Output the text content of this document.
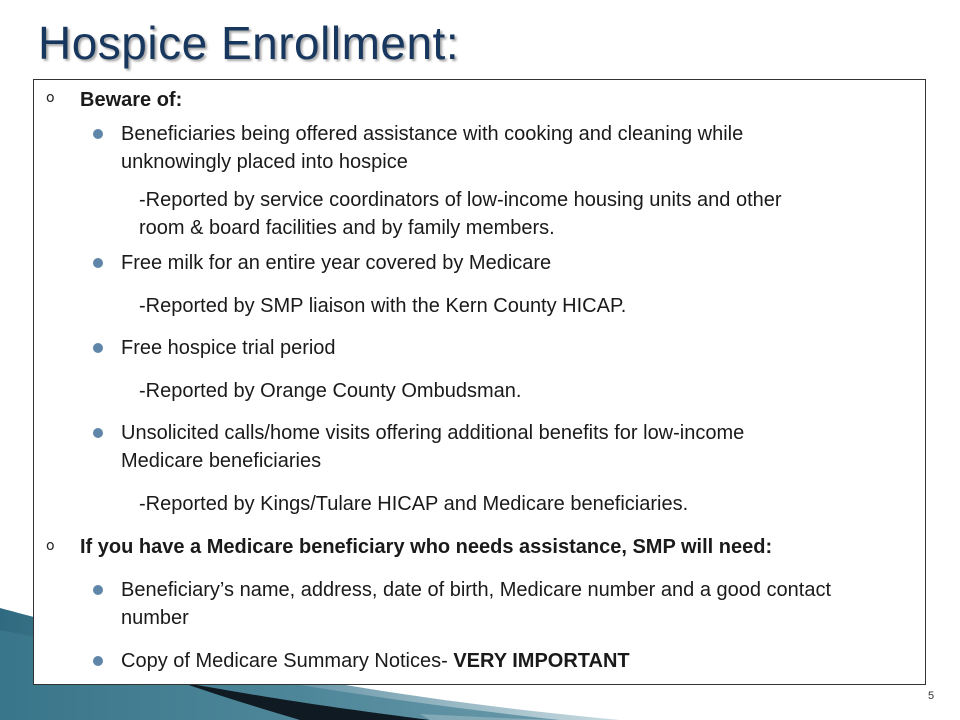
Hospice Enrollment:
o Beware of:
Beneficiaries being offered assistance with cooking and cleaning while
unknowingly placed into hospice
-Reported by service coordinators of low-income housing units and other
room & board facilities and by family members.
Free milk for an entire year covered by Medicare
-Reported by SMP liaison with the Kern County HICAP.
Free hospice trial period
-Reported by Orange County Ombudsman.
Unsolicited calls/home visits offering additional benefits for low-income
Medicare beneficiaries
-Reported by Kings/Tulare HICAP and Medicare beneficiaries.
o If you have a Medicare beneficiary who needs assistance, SMP will need:
Beneficiary’s name, address, date of birth, Medicare number and a good contact
number
Copy of Medicare Summary Notices- VERY IMPORTANT
5
